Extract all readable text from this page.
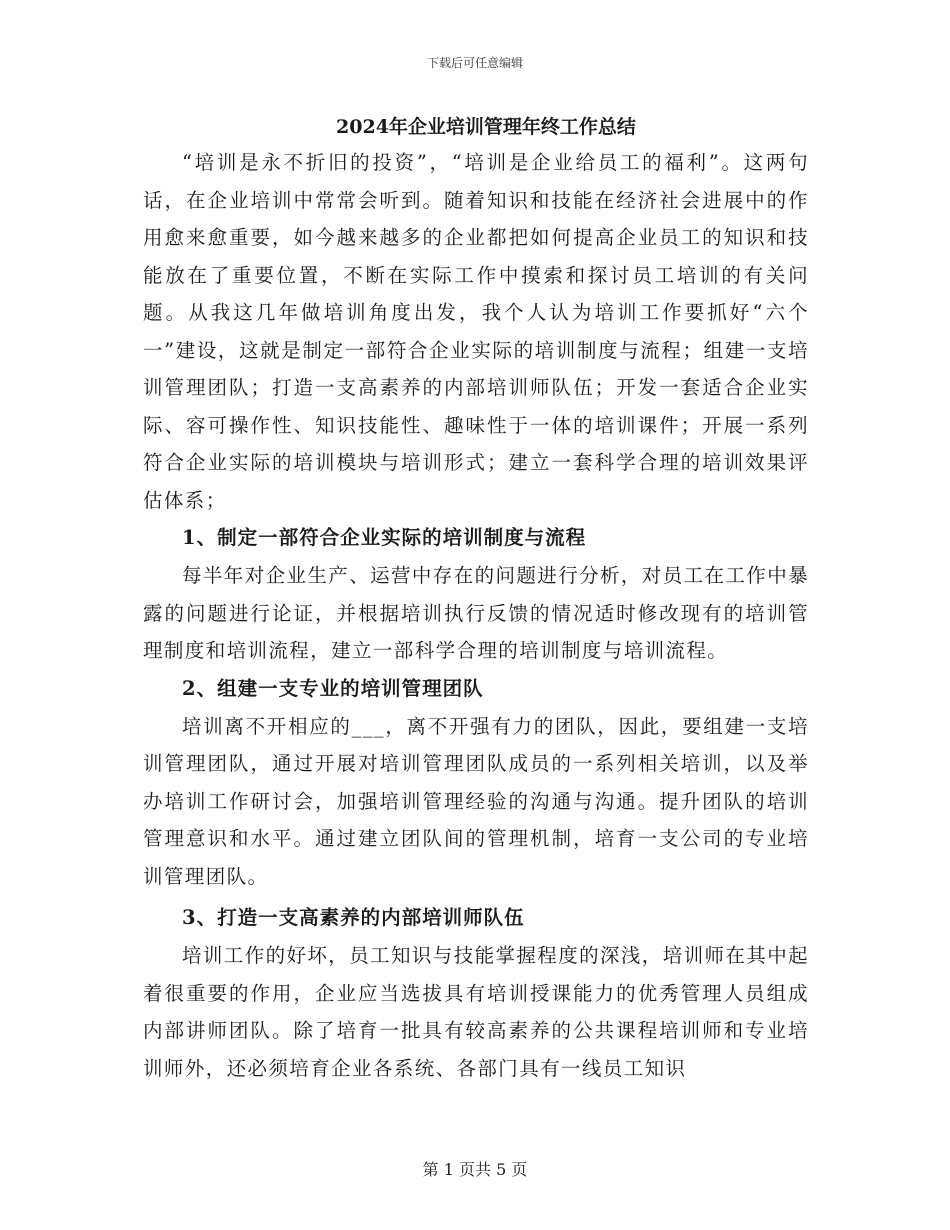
下载后可任意编辑
2024年企业培训管理年终工作总结

“培训是永不折旧的投资”，“培训是企业给员工的福利”。这两句话，在企业培训中常常会听到。随着知识和技能在经济社会进展中的作用愈来愈重要，如今越来越多的企业都把如何提高企业员工的知识和技能放在了重要位置，不断在实际工作中摸索和探讨员工培训的有关问题。从我这几年做培训角度出发，我个人认为培训工作要抓好“六个一”建设，这就是制定一部符合企业实际的培训制度与流程；组建一支培训管理团队；打造一支高素养的内部培训师队伍；开发一套适合企业实际、容可操作性、知识技能性、趣味性于一体的培训课件；开展一系列符合企业实际的培训模块与培训形式；建立一套科学合理的培训效果评估体系；

1、制定一部符合企业实际的培训制度与流程

每半年对企业生产、运营中存在的问题进行分析，对员工在工作中暴露的问题进行论证，并根据培训执行反馈的情况适时修改现有的培训管理制度和培训流程，建立一部科学合理的培训制度与培训流程。

2、组建一支专业的培训管理团队

培训离不开相应的___，离不开强有力的团队，因此，要组建一支培训管理团队，通过开展对培训管理团队成员的一系列相关培训，以及举办培训工作研讨会，加强培训管理经验的沟通与沟通。提升团队的培训管理意识和水平。通过建立团队间的管理机制，培育一支公司的专业培训管理团队。

3、打造一支高素养的内部培训师队伍

培训工作的好坏，员工知识与技能掌握程度的深浅，培训师在其中起着很重要的作用，企业应当选拔具有培训授课能力的优秀管理人员组成内部讲师团队。除了培育一批具有较高素养的公共课程培训师和专业培训师外，还必须培育企业各系统、各部门具有一线员工知识

第 1 页共 5 页
